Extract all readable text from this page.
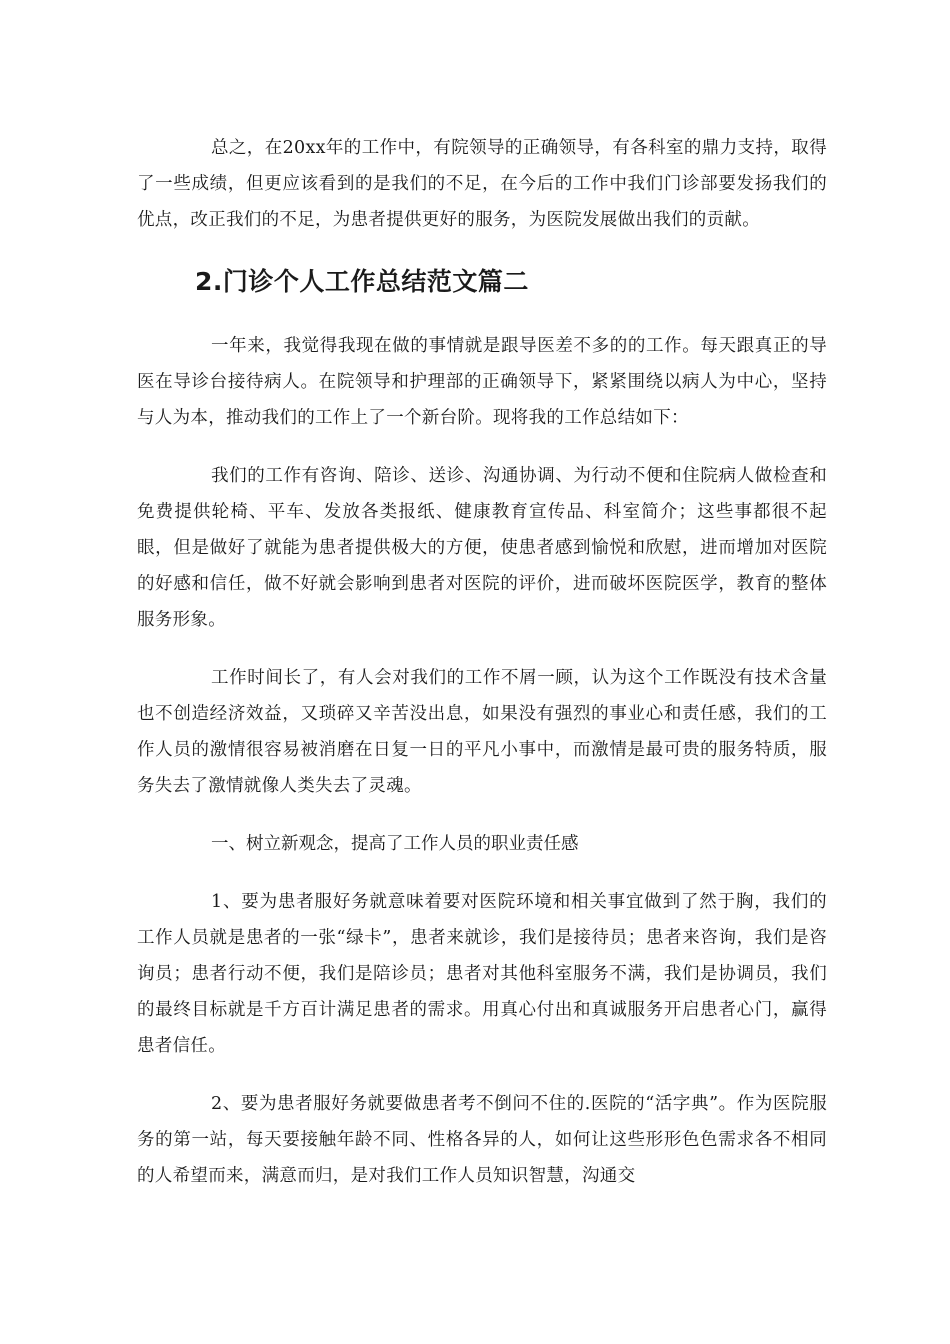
总之，在20xx年的工作中，有院领导的正确领导，有各科室的鼎力支持，取得了一些成绩，但更应该看到的是我们的不足，在今后的工作中我们门诊部要发扬我们的优点，改正我们的不足，为患者提供更好的服务，为医院发展做出我们的贡献。

2.门诊个人工作总结范文篇二

一年来，我觉得我现在做的事情就是跟导医差不多的的工作。每天跟真正的导医在导诊台接待病人。在院领导和护理部的正确领导下，紧紧围绕以病人为中心，坚持与人为本，推动我们的工作上了一个新台阶。现将我的工作总结如下：

我们的工作有咨询、陪诊、送诊、沟通协调、为行动不便和住院病人做检查和免费提供轮椅、平车、发放各类报纸、健康教育宣传品、科室简介；这些事都很不起眼，但是做好了就能为患者提供极大的方便，使患者感到愉悦和欣慰，进而增加对医院的好感和信任，做不好就会影响到患者对医院的评价，进而破坏医院医学，教育的整体服务形象。

工作时间长了，有人会对我们的工作不屑一顾，认为这个工作既没有技术含量也不创造经济效益，又琐碎又辛苦没出息，如果没有强烈的事业心和责任感，我们的工作人员的激情很容易被消磨在日复一日的平凡小事中，而激情是最可贵的服务特质，服务失去了激情就像人类失去了灵魂。

一、树立新观念，提高了工作人员的职业责任感

1、要为患者服好务就意味着要对医院环境和相关事宜做到了然于胸，我们的工作人员就是患者的一张“绿卡”，患者来就诊，我们是接待员；患者来咨询，我们是咨询员；患者行动不便，我们是陪诊员；患者对其他科室服务不满，我们是协调员，我们的最终目标就是千方百计满足患者的需求。用真心付出和真诚服务开启患者心门，赢得患者信任。

2、要为患者服好务就要做患者考不倒问不住的.医院的“活字典”。作为医院服务的第一站，每天要接触年龄不同、性格各异的人，如何让这些形形色色需求各不相同的人希望而来，满意而归，是对我们工作人员知识智慧，沟通交
